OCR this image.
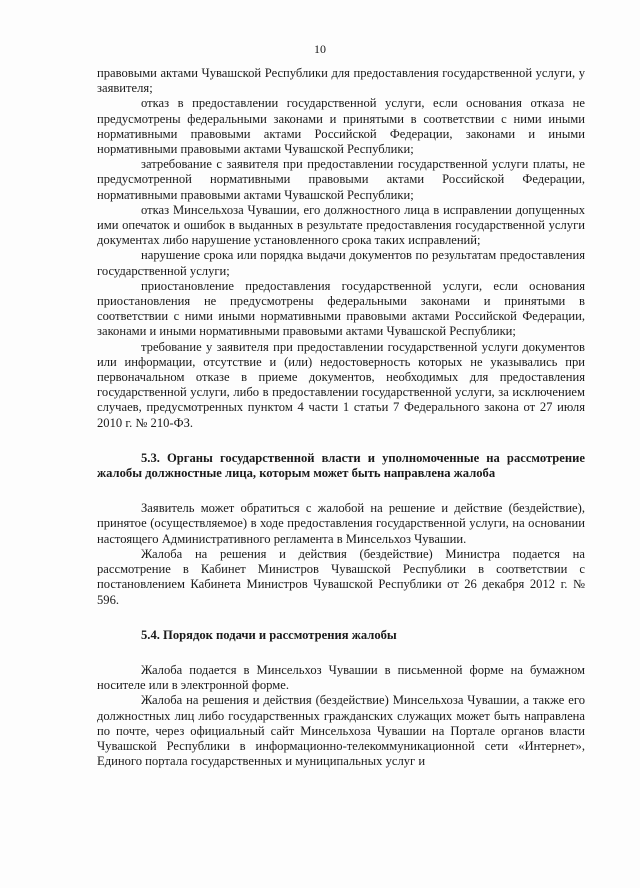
10

правовыми актами Чувашской Республики для предоставления государственной услуги, у заявителя;

отказ в предоставлении государственной услуги, если основания отказа не предусмотрены федеральными законами и принятыми в соответствии с ними иными нормативными правовыми актами Российской Федерации, законами и иными нормативными правовыми актами Чувашской Республики;

затребование с заявителя при предоставлении государственной услуги платы, не предусмотренной нормативными правовыми актами Российской Федерации, нормативными правовыми актами Чувашской Республики;

отказ Минсельхоза Чувашии, его должностного лица в исправлении допущенных ими опечаток и ошибок в выданных в результате предоставления государственной услуги документах либо нарушение установленного срока таких исправлений;

нарушение срока или порядка выдачи документов по результатам предоставления государственной услуги;

приостановление предоставления государственной услуги, если основания приостановления не предусмотрены федеральными законами и принятыми в соответствии с ними иными нормативными правовыми актами Российской Федерации, законами и иными нормативными правовыми актами Чувашской Республики;

требование у заявителя при предоставлении государственной услуги документов или информации, отсутствие и (или) недостоверность которых не указывались при первоначальном отказе в приеме документов, необходимых для предоставления государственной услуги, либо в предоставлении государственной услуги, за исключением случаев, предусмотренных пунктом 4 части 1 статьи 7 Федерального закона от 27 июля 2010 г. № 210-ФЗ.

5.3. Органы государственной власти и уполномоченные на рассмотрение жалобы должностные лица, которым может быть направлена жалоба

Заявитель может обратиться с жалобой на решение и действие (бездействие), принятое (осуществляемое) в ходе предоставления государственной услуги, на основании настоящего Административного регламента в Минсельхоз Чувашии.

Жалоба на решения и действия (бездействие) Министра подается на рассмотрение в Кабинет Министров Чувашской Республики в соответствии с постановлением Кабинета Министров Чувашской Республики от 26 декабря 2012 г. № 596.

5.4. Порядок подачи и рассмотрения жалобы

Жалоба подается в Минсельхоз Чувашии в письменной форме на бумажном носителе или в электронной форме.

Жалоба на решения и действия (бездействие) Минсельхоза Чувашии, а также его должностных лиц либо государственных гражданских служащих может быть направлена по почте, через официальный сайт Минсельхоза Чувашии на Портале органов власти Чувашской Республики в информационно-телекоммуникационной сети «Интернет», Единого портала государственных и муниципальных услуг и
